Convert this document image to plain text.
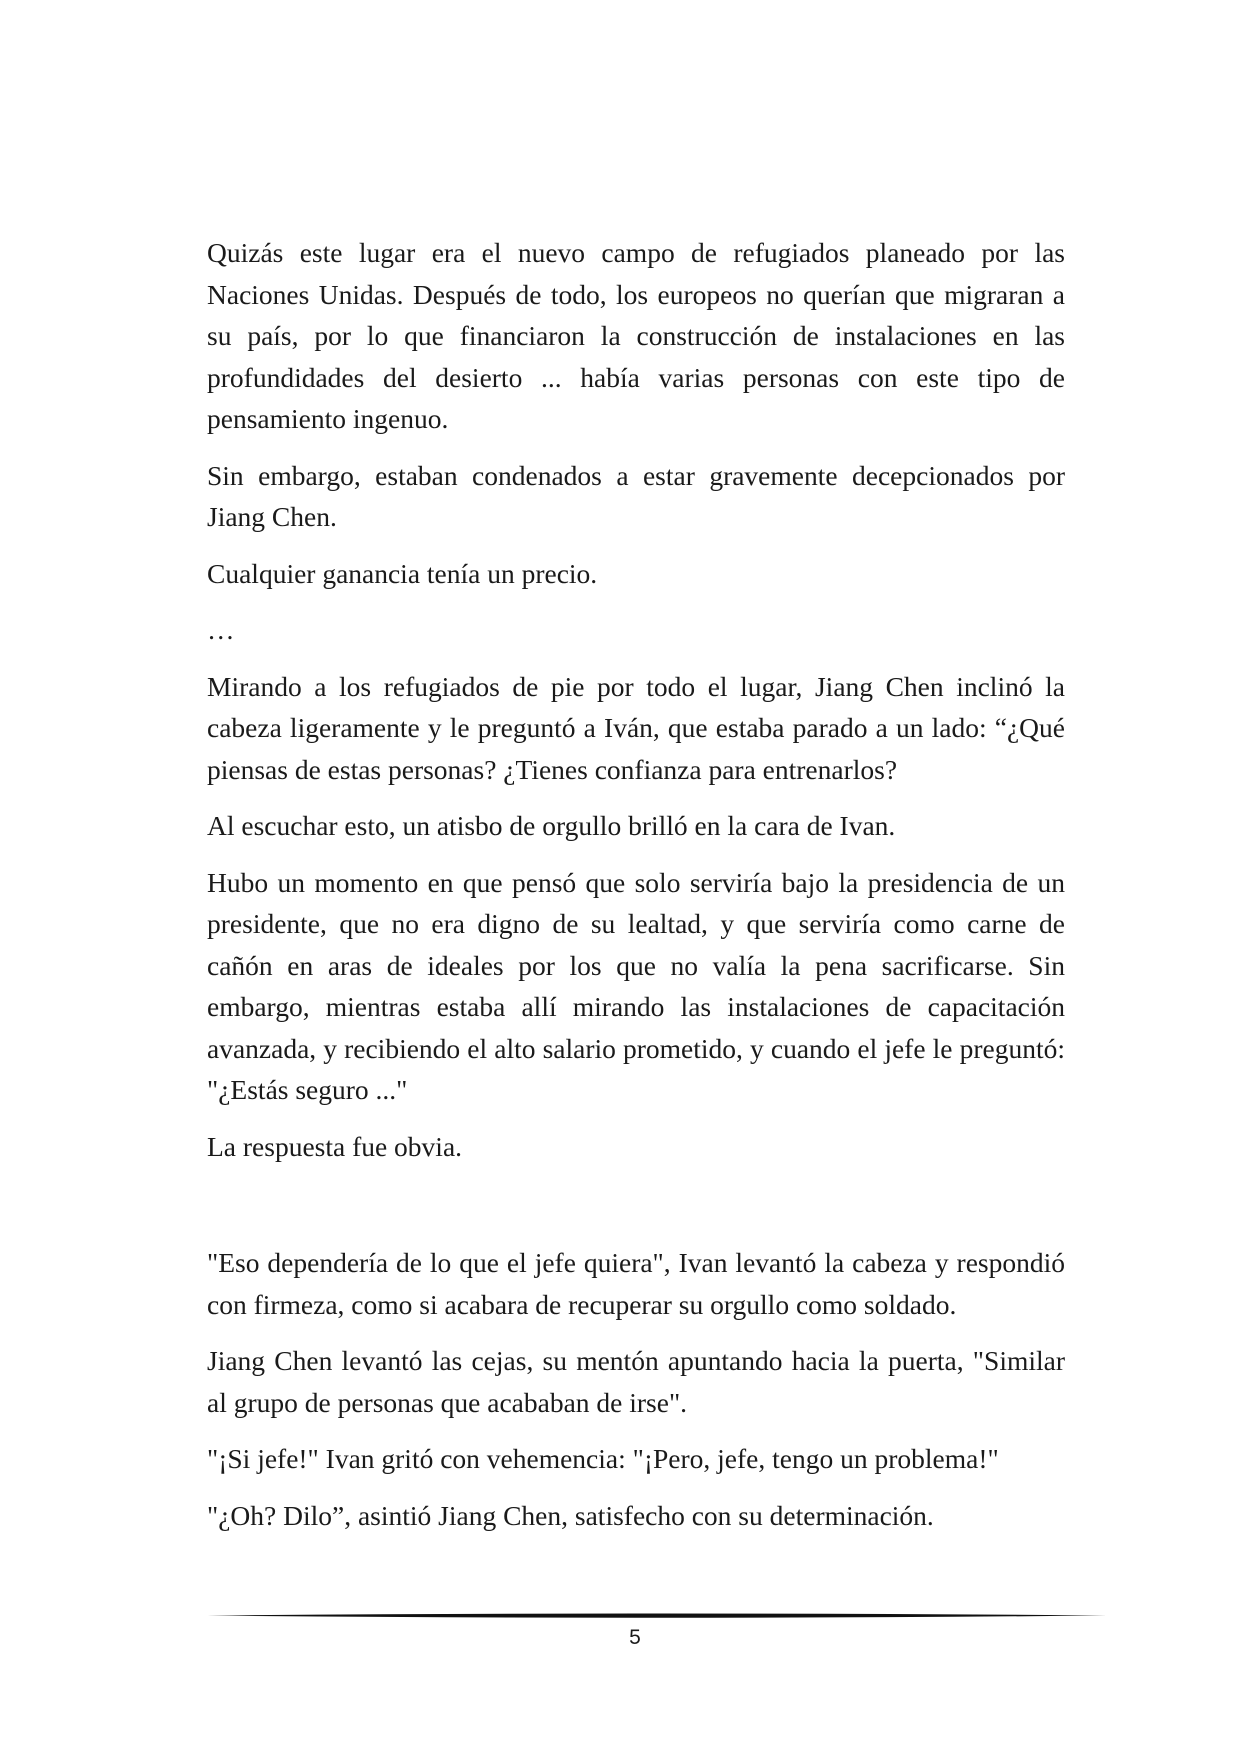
Quizás este lugar era el nuevo campo de refugiados planeado por las Naciones Unidas. Después de todo, los europeos no querían que migraran a su país, por lo que financiaron la construcción de instalaciones en las profundidades del desierto ... había varias personas con este tipo de pensamiento ingenuo.

Sin embargo, estaban condenados a estar gravemente decepcionados por Jiang Chen.

Cualquier ganancia tenía un precio.

…

Mirando a los refugiados de pie por todo el lugar, Jiang Chen inclinó la cabeza ligeramente y le preguntó a Iván, que estaba parado a un lado: “¿Qué piensas de estas personas? ¿Tienes confianza para entrenarlos?

Al escuchar esto, un atisbo de orgullo brilló en la cara de Ivan.

Hubo un momento en que pensó que solo serviría bajo la presidencia de un presidente, que no era digno de su lealtad, y que serviría como carne de cañón en aras de ideales por los que no valía la pena sacrificarse. Sin embargo, mientras estaba allí mirando las instalaciones de capacitación avanzada, y recibiendo el alto salario prometido, y cuando el jefe le preguntó: "¿Estás seguro ..."

La respuesta fue obvia.

"Eso dependería de lo que el jefe quiera", Ivan levantó la cabeza y respondió con firmeza, como si acabara de recuperar su orgullo como soldado.

Jiang Chen levantó las cejas, su mentón apuntando hacia la puerta, "Similar al grupo de personas que acababan de irse".

"¡Si jefe!" Ivan gritó con vehemencia: "¡Pero, jefe, tengo un problema!"

"¿Oh? Dilo”, asintió Jiang Chen, satisfecho con su determinación.

5
